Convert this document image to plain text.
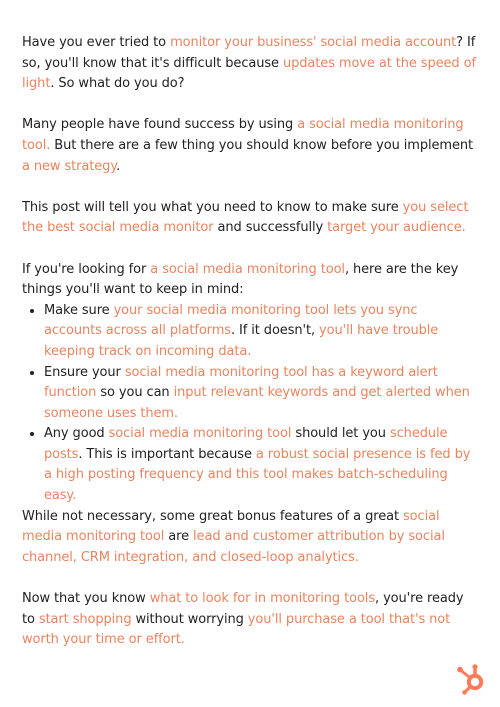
Have you ever tried to monitor your business' social media account? If so, you'll know that it's difficult because updates move at the speed of light. So what do you do?

Many people have found success by using a social media monitoring tool. But there are a few thing you should know before you implement a new strategy.

This post will tell you what you need to know to make sure you select the best social media monitor and successfully target your audience.

If you're looking for a social media monitoring tool, here are the key things you'll want to keep in mind:

• Make sure your social media monitoring tool lets you sync accounts across all platforms. If it doesn't, you'll have trouble keeping track on incoming data.
• Ensure your social media monitoring tool has a keyword alert function so you can input relevant keywords and get alerted when someone uses them.
• Any good social media monitoring tool should let you schedule posts. This is important because a robust social presence is fed by a high posting frequency and this tool makes batch-scheduling easy.

While not necessary, some great bonus features of a great social media monitoring tool are lead and customer attribution by social channel, CRM integration, and closed-loop analytics.

Now that you know what to look for in monitoring tools, you're ready to start shopping without worrying you'll purchase a tool that's not worth your time or effort.
